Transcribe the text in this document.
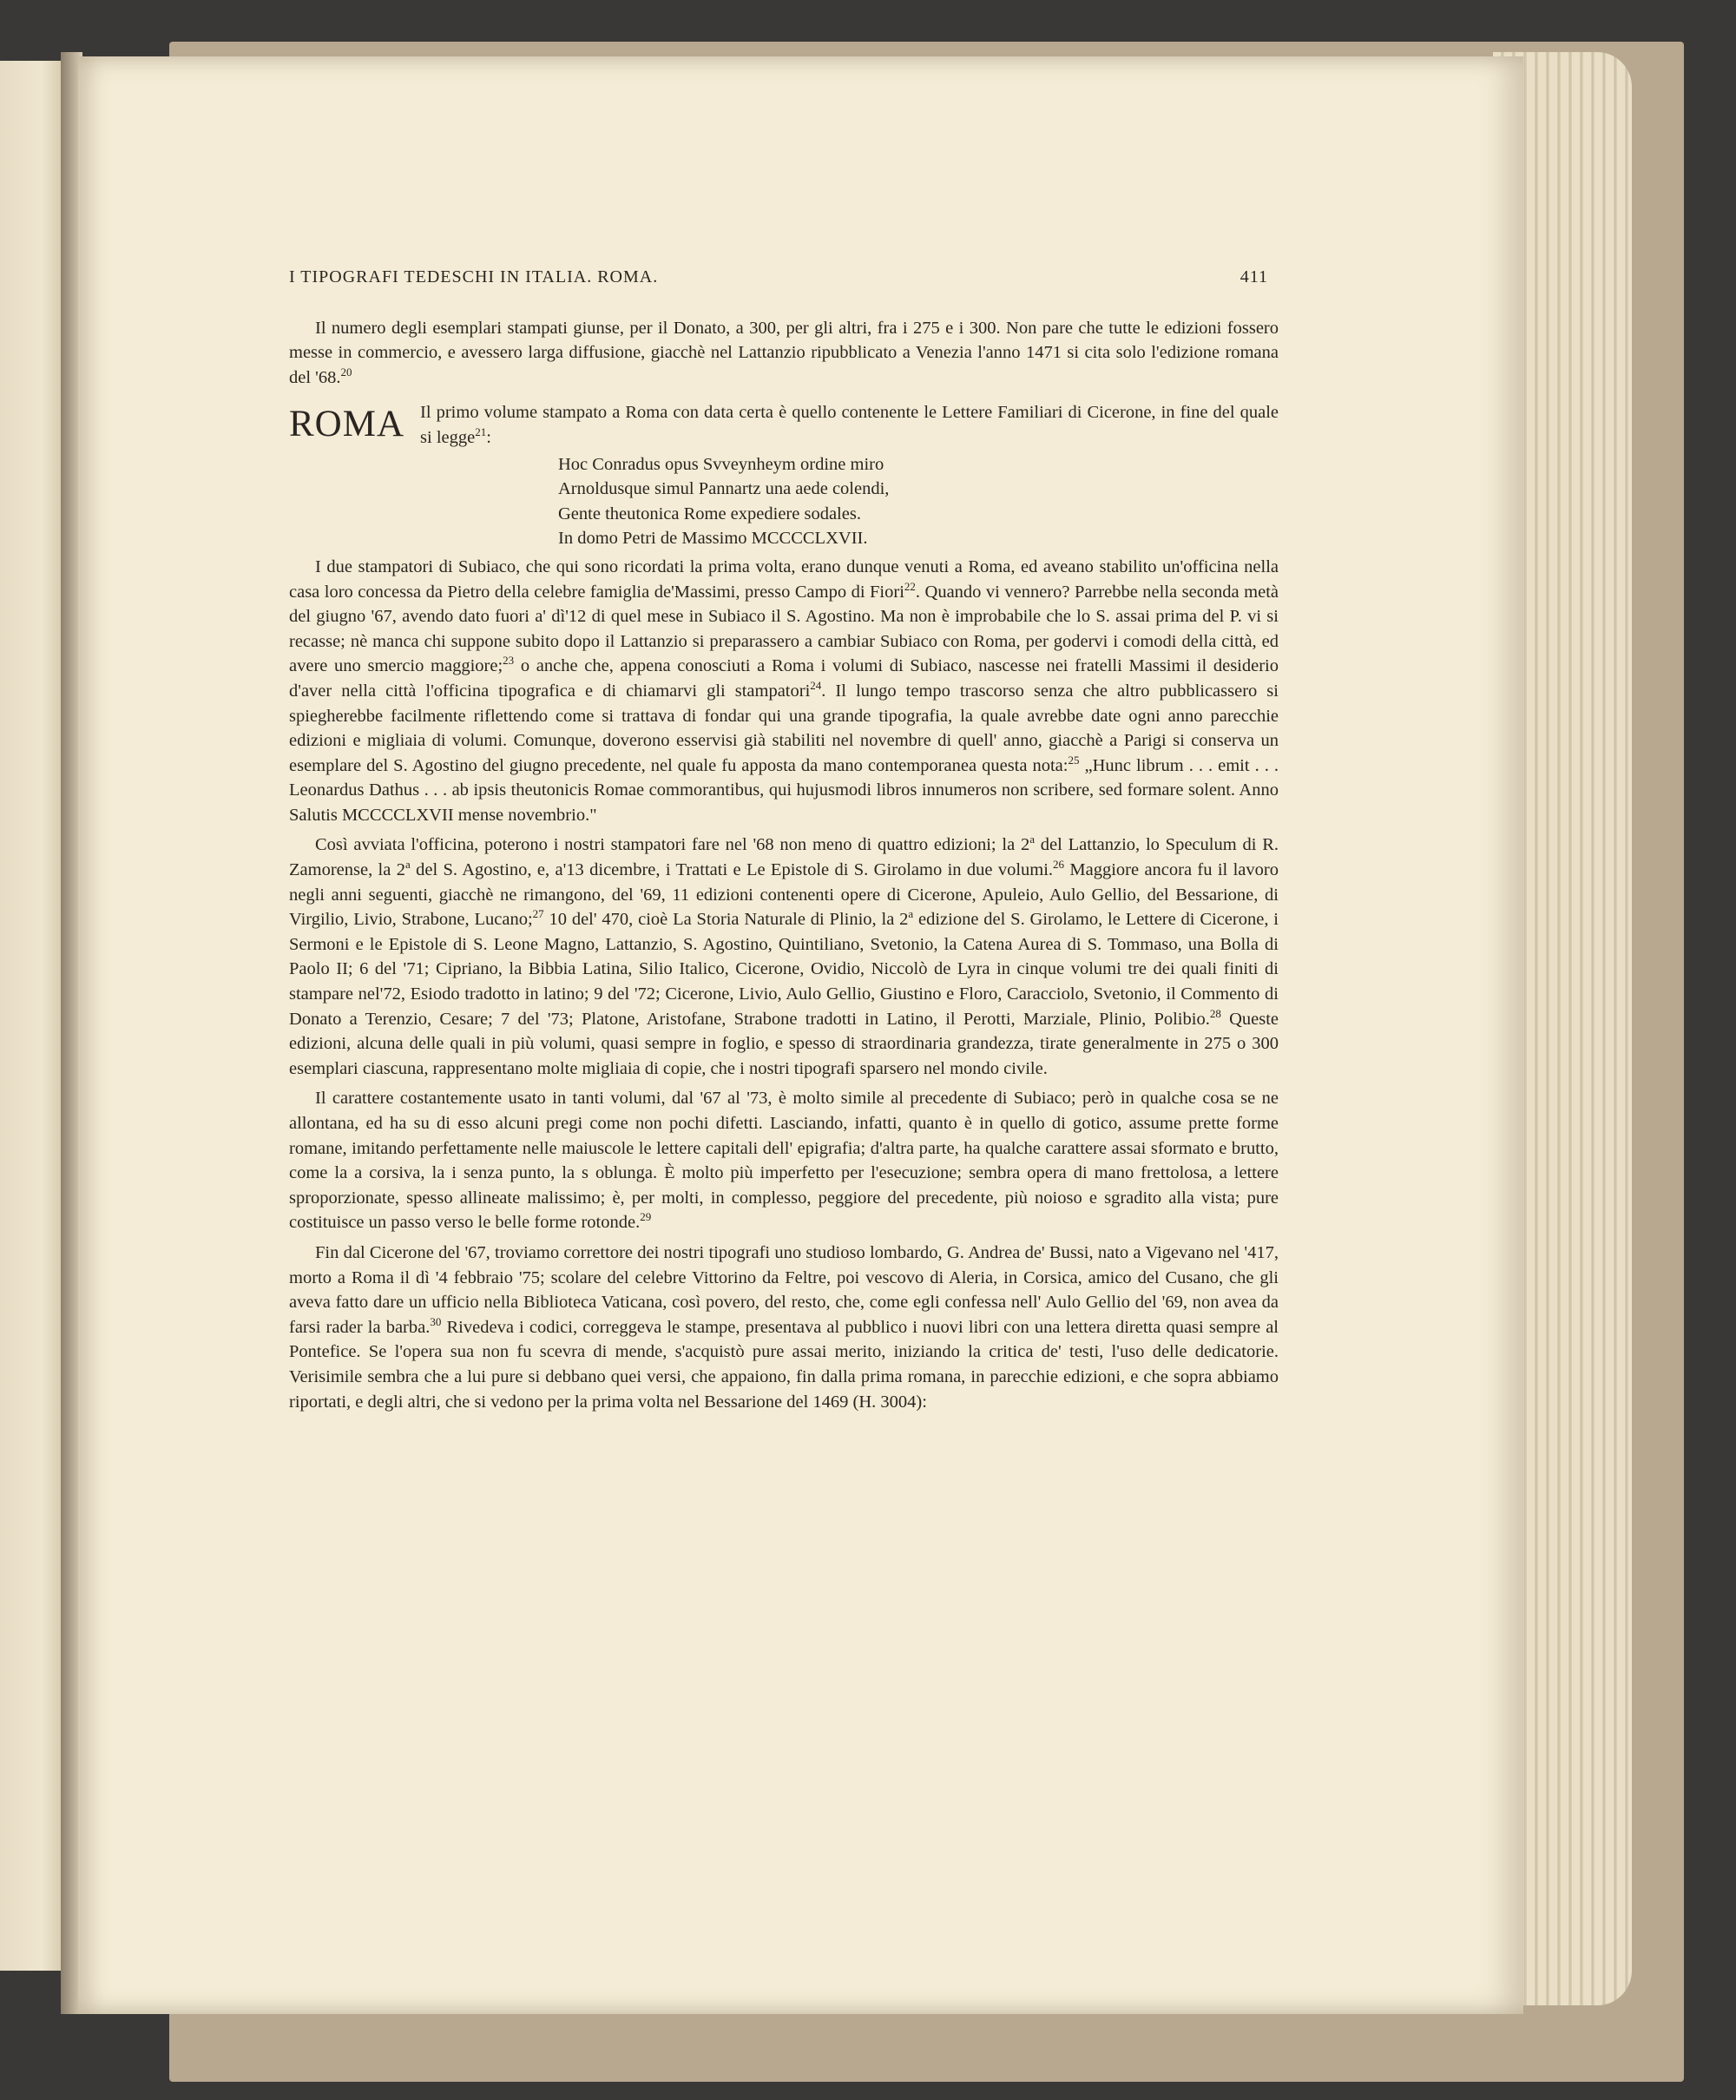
I TIPOGRAFI TEDESCHI IN ITALIA. ROMA.	411

Il numero degli esemplari stampati giunse, per il Donato, a 300, per gli altri, fra i 275 e i 300. Non pare che tutte le edizioni fossero messe in commercio, e avessero larga diffusione, giacchè nel Lattanzio ripubblicato a Venezia l'anno 1471 si cita solo l'edizione romana del '68.20

ROMA Il primo volume stampato a Roma con data certa è quello contenente le Lettere Familiari di Cicerone, in fine del quale si legge$^{21}$:

Hoc Conradus opus Svveynheym ordine miro
Arnoldusque simul Pannartz una aede colendi,
Gente theutonica Rome expediere sodales.
In domo Petri de Massimo MCCCCLXVII.

I due stampatori di Subiaco, che qui sono ricordati la prima volta, erano dunque venuti a Roma, ed aveano stabilito un'officina nella casa loro concessa da Pietro della celebre famiglia de'Massimi, presso Campo di Fiori$^{22}$. Quando vi vennero? Parrebbe nella seconda metà del giugno '67, avendo dato fuori a' dì'12 di quel mese in Subiaco il S. Agostino. Ma non è improbabile che lo S. assai prima del P. vi si recasse; nè manca chi suppone subito dopo il Lattanzio si preparassero a cambiar Subiaco con Roma, per godervi i comodi della città, ed avere uno smercio maggiore;$^{23}$ o anche che, appena conosciuti a Roma i volumi di Subiaco, nascesse nei fratelli Massimi il desiderio d'aver nella città l'officina tipografica e di chiamarvi gli stampatori$^{24}$. Il lungo tempo trascorso senza che altro pubblicassero si spiegherebbe facilmente riflettendo come si trattava di fondar qui una grande tipografia, la quale avrebbe date ogni anno parecchie edizioni e migliaia di volumi. Comunque, doverono esservisi già stabiliti nel novembre di quell' anno, giacchè a Parigi si conserva un esemplare del S. Agostino del giugno precedente, nel quale fu apposta da mano contemporanea questa nota:$^{25}$ „Hunc librum . . . emit . . . Leonardus Dathus . . . ab ipsis theutonicis Romae commorantibus, qui hujusmodi libros innumeros non scribere, sed formare solent. Anno Salutis MCCCCLXVII mense novembrio."

Così avviata l'officina, poterono i nostri stampatori fare nel '68 non meno di quattro edizioni; la 2$^a$ del Lattanzio, lo Speculum di R. Zamorense, la 2$^a$ del S. Agostino, e, a'13 dicembre, i Trattati e Le Epistole di S. Girolamo in due volumi.$^{26}$ Maggiore ancora fu il lavoro negli anni seguenti, giacchè ne rimangono, del '69, 11 edizioni contenenti opere di Cicerone, Apuleio, Aulo Gellio, del Bessarione, di Virgilio, Livio, Strabone, Lucano;$^{27}$ 10 del' 470, cioè La Storia Naturale di Plinio, la 2$^a$ edizione del S. Girolamo, le Lettere di Cicerone, i Sermoni e le Epistole di S. Leone Magno, Lattanzio, S. Agostino, Quintiliano, Svetonio, la Catena Aurea di S. Tommaso, una Bolla di Paolo II; 6 del '71; Cipriano, la Bibbia Latina, Silio Italico, Cicerone, Ovidio, Niccolò de Lyra in cinque volumi tre dei quali finiti di stampare nel'72, Esiodo tradotto in latino; 9 del '72; Cicerone, Livio, Aulo Gellio, Giustino e Floro, Caracciolo, Svetonio, il Commento di Donato a Terenzio, Cesare; 7 del '73; Platone, Aristofane, Strabone tradotti in Latino, il Perotti, Marziale, Plinio, Polibio.$^{28}$ Queste edizioni, alcuna delle quali in più volumi, quasi sempre in foglio, e spesso di straordinaria grandezza, tirate generalmente in 275 o 300 esemplari ciascuna, rappresentano molte migliaia di copie, che i nostri tipografi sparsero nel mondo civile.

Il carattere costantemente usato in tanti volumi, dal '67 al '73, è molto simile al precedente di Subiaco; però in qualche cosa se ne allontana, ed ha su di esso alcuni pregi come non pochi difetti. Lasciando, infatti, quanto è in quello di gotico, assume prette forme romane, imitando perfettamente nelle maiuscole le lettere capitali dell' epigrafia; d'altra parte, ha qualche carattere assai sformato e brutto, come la a corsiva, la i senza punto, la s oblunga. È molto più imperfetto per l'esecuzione; sembra opera di mano frettolosa, a lettere sproporzionate, spesso allineate malissimo; è, per molti, in complesso, peggiore del precedente, più noioso e sgradito alla vista; pure costituisce un passo verso le belle forme rotonde.$^{29}$

Fin dal Cicerone del '67, troviamo correttore dei nostri tipografi uno studioso lombardo, G. Andrea de' Bussi, nato a Vigevano nel '417, morto a Roma il dì '4 febbraio '75; scolare del celebre Vittorino da Feltre, poi vescovo di Aleria, in Corsica, amico del Cusano, che gli aveva fatto dare un ufficio nella Biblioteca Vaticana, così povero, del resto, che, come egli confessa nell' Aulo Gellio del '69, non avea da farsi rader la barba.$^{30}$ Rivedeva i codici, correggeva le stampe, presentava al pubblico i nuovi libri con una lettera diretta quasi sempre al Pontefice. Se l'opera sua non fu scevra di mende, s'acquistò pure assai merito, iniziando la critica de' testi, l'uso delle dedicatorie. Verisimile sembra che a lui pure si debbano quei versi, che appaiono, fin dalla prima romana, in parecchie edizioni, e che sopra abbiamo riportati, e degli altri, che si vedono per la prima volta nel Bessarione del 1469 (H. 3004):
